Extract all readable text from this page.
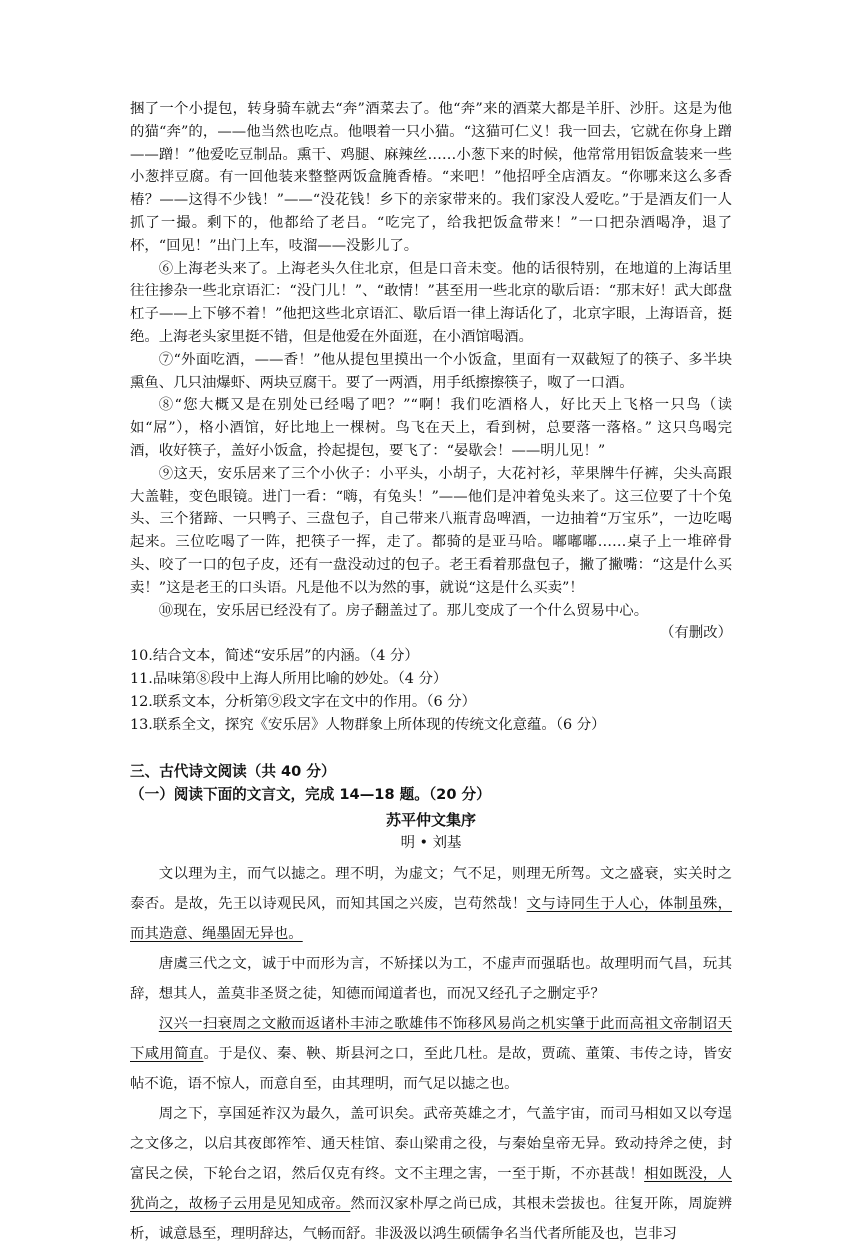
捆了一个小提包，转身骑车就去“奔”酒菜去了。他“奔”来的酒菜大都是羊肝、沙肝。这是为他的猫“奔”的，——他当然也吃点。他喂着一只小猫。“这猫可仁义！我一回去，它就在你身上蹭——蹭！”他爱吃豆制品。熏干、鸡腿、麻辣丝……小葱下来的时候，他常常用铝饭盒装来一些小葱拌豆腐。有一回他装来整整两饭盒腌香椿。“来吧！”他招呼全店酒友。“你哪来这么多香椿？——这得不少钱！”——“没花钱！乡下的亲家带来的。我们家没人爱吃。”于是酒友们一人抓了一撮。剩下的，他都给了老吕。“吃完了，给我把饭盒带来！”一口把杂酒喝净，退了杯，“回见！”出门上车，吱溜——没影儿了。

⑥上海老头来了。上海老头久住北京，但是口音未变。他的话很特别，在地道的上海话里往往掺杂一些北京语汇：“没门儿！”、“敢情！”甚至用一些北京的歇后语：“那末好！武大郎盘杠子——上下够不着！”他把这些北京语汇、歇后语一律上海话化了，北京字眼，上海语音，挺绝。上海老头家里挺不错，但是他爱在外面逛，在小酒馆喝酒。

⑦“外面吃酒，——香！”他从提包里摸出一个小饭盒，里面有一双截短了的筷子、多半块熏鱼、几只油爆虾、两块豆腐干。要了一两酒，用手纸擦擦筷子，呶了一口酒。

⑧“您大概又是在别处已经喝了吧？”“啊！我们吃酒格人，好比天上飞格一只鸟（读如“屌”），格小酒馆，好比地上一棵树。鸟飞在天上，看到树，总要落一落格。” 这只鸟喝完酒，收好筷子，盖好小饭盒，拎起提包，要飞了：“晏歇会！——明儿见！”

⑨这天，安乐居来了三个小伙子：小平头，小胡子，大花衬衫，苹果牌牛仔裤，尖头高跟大盖鞋，变色眼镜。进门一看：“嗨，有兔头！”——他们是冲着兔头来了。这三位要了十个兔头、三个猪蹄、一只鸭子、三盘包子，自己带来八瓶青岛啤酒，一边抽着“万宝乐”，一边吃喝起来。三位吃喝了一阵，把筷子一挥，走了。都骑的是亚马哈。嘟嘟嘟……桌子上一堆碎骨头、咬了一口的包子皮，还有一盘没动过的包子。老王看着那盘包子，撇了撇嘴：“这是什么买卖！”这是老王的口头语。凡是他不以为然的事，就说“这是什么买卖”！

⑩现在，安乐居已经没有了。房子翻盖过了。那儿变成了一个什么贸易中心。

（有删改）

10.结合文本，简述“安乐居”的内涵。（4 分）

11.品味第⑧段中上海人所用比喻的妙处。（4 分）

12.联系文本，分析第⑨段文字在文中的作用。（6 分）

13.联系全文，探究《安乐居》人物群象上所体现的传统文化意蕴。（6 分）

三、古代诗文阅读（共 40 分）

（一）阅读下面的文言文，完成 14—18 题。（20 分）

苏平仲文集序

明 • 刘基

文以理为主，而气以摅之。理不明，为虚文；气不足，则理无所驾。文之盛衰，实关时之泰否。是故，先王以诗观民风，而知其国之兴废，岂苟然哉！文与诗同生于人心，体制虽殊，而其造意、绳墨固无异也。

唐虞三代之文，诚于中而形为言，不矫揉以为工，不虚声而强聒也。故理明而气昌，玩其辞，想其人，盖莫非圣贤之徒，知德而闻道者也，而况又经孔子之删定乎？

汉兴一扫衰周之文敝而返诸朴丰沛之歌雄伟不饰移风易尚之机实肇于此而高祖文帝制诏天下咸用简直。于是仪、秦、鞅、斯县河之口，至此几杜。是故，贾疏、董策、韦传之诗，皆安帖不诡，语不惊人，而意自至，由其理明，而气足以摅之也。

周之下，享国延祚汉为最久，盖可识矣。武帝英雄之才，气盖宇宙，而司马相如又以夸逞之文侈之，以启其夜郎筰笮、通天桂馆、泰山梁甫之役，与秦始皇帝无异。致动持斧之使，封富民之侯，下轮台之诏，然后仅克有终。文不主理之害，一至于斯，不亦甚哉！相如既没，人犹尚之，故杨子云用是见知成帝。然而汉家朴厚之尚已成，其根未尝拔也。往复开陈，周旋辨析，诚意恳至，理明辞达，气畅而舒。非汲汲以鸿生硕儒争名当代者所能及也，岂非习
